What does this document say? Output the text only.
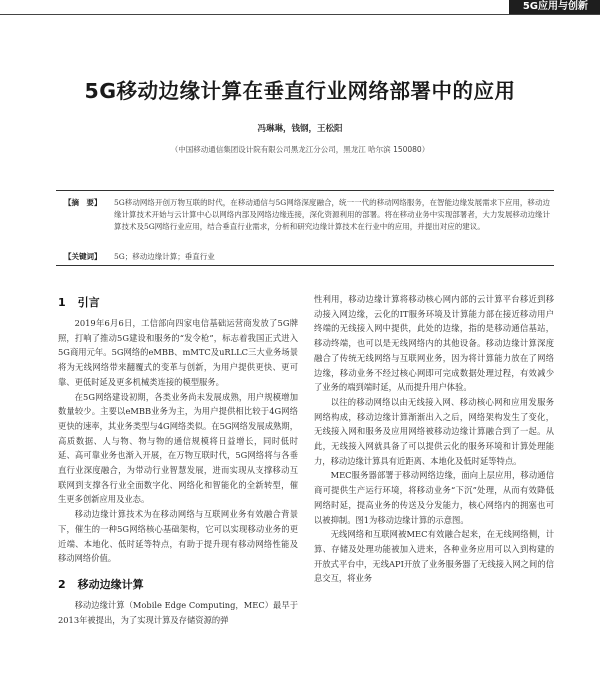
5G应用与创新
5G移动边缘计算在垂直行业网络部署中的应用
冯琳琳，钱钢，王松阳
（中国移动通信集团设计院有限公司黑龙江分公司，黑龙江 哈尔滨 150080）
【摘　要】	5G移动网络开创万物互联的时代，在移动通信与5G网络深度融合，统一一代的移动网络服务，在智能边缘发展需求下应用，移动边缘计算技术开始与云计算中心以网络内部及网络边缘连接，深化资源利用的部署。将在移动业务中实现部署者，大力发展移动边缘计算技术及5G网络行业应用，结合垂直行业需求，分析和研究边缘计算技术在行业中的应用，并提出对应的建议。
【关键词】	5G；移动边缘计算；垂直行业
1 引言

2019年6月6日，工信部向四家电信基础运营商发放了5G牌照，打响了推动5G建设和服务的“发令枪”，标志着我国正式进入5G商用元年。5G网络的eMBB、mMTC及uRLLC三大业务场景将为无线网络带来翻覆式的变革与创新，为用户提供更快、更可靠、更低时延及更多机械类连接的模型服务。

在5G网络建设初期，各类业务尚未发展成熟，用户规模增加数量较少。主要以eMBB业务为主，为用户提供相比较于4G网络更快的速率，其业务类型与4G网络类似。在5G网络发展成熟期，高质数据、人与物、物与物的通信规模将日益增长，同时低时延、高可靠业务也渐入开展，在万物互联时代，5G网络将与各垂直行业深度融合，为带动行业智慧发展，进而实现从支撑移动互联网到支撑各行业全面数字化、网络化和智能化的全新转型，催生更多创新应用及业态。

移动边缘计算技术为在移动网络与互联网业务有效融合背景下，催生的一种5G网络核心基础架构，它可以实现移动业务的更近端、本地化、低时延等特点，有助于提升现有移动网络性能及移动网络价值。

2 移动边缘计算

移动边缘计算（Mobile Edge Computing，MEC）最早于2013年被提出，为了实现计算及存储资源的弹

性利用，移动边缘计算将移动核心网内部的云计算平台移近到移动接入网边缘，云化的IT服务环境及计算能力部在接近移动用户终端的无线接入网中提供，此处的边缘，指的是移动通信基站，移动终端，也可以是无线网络内的其他设备。移动边缘计算深度融合了传统无线网络与互联网业务，因为将计算能力放在了网络边缘，移动业务不经过核心网即可完成数据处理过程，有效减少了业务的端到端时延，从而提升用户体验。

以往的移动网络以由无线接入网、移动核心网和应用发服务网络构成，移动边缘计算渐渐出入之后，网络架构发生了变化，无线接入网和服务及应用网络被移动边缘计算融合到了一起。从此，无线接入网就具备了可以提供云化的服务环境和计算处理能力，移动边缘计算具有近距离、本地化及低时延等特点。

MEC服务器部署于移动网络边缘，面向上层应用，移动通信商可提供生产运行环境，将移动业务“下沉”处理，从而有效降低网络时延，提高业务的传送及分发能力，核心网络内的拥塞也可以被抑制。图1为移动边缘计算的示意图。

无线网络和互联网被MEC有效融合起来，在无线网络侧，计算、存储及处理功能被加入进来，各种业务应用可以入到构建的开放式平台中，无线API开放了业务服务器了无线接入网之间的信息交互，将业务
